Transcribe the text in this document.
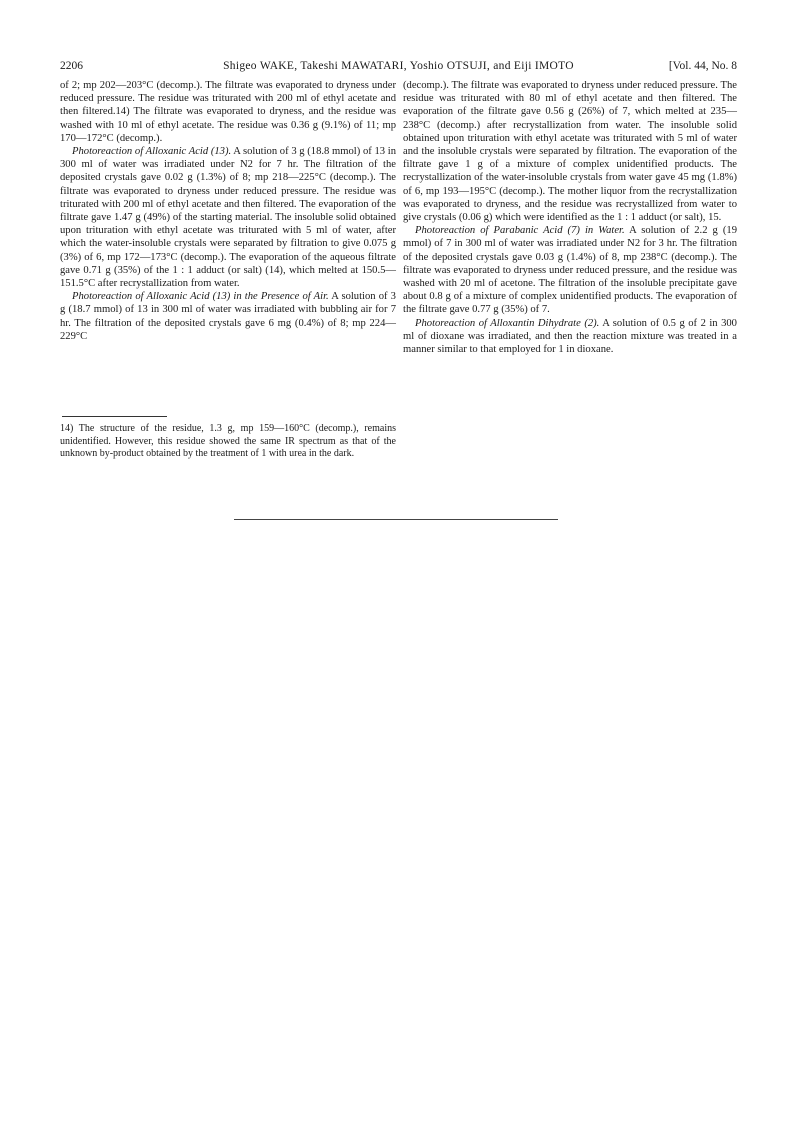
2206	Shigeo WAKE, Takeshi MAWATARI, Yoshio OTSUJI, and Eiji IMOTO	[Vol. 44, No. 8

of 2; mp 202—203°C (decomp.). The filtrate was evaporated to dryness under reduced pressure. The residue was triturated with 200 ml of ethyl acetate and then filtered.14) The filtrate was evaporated to dryness, and the residue was washed with 10 ml of ethyl acetate. The residue was 0.36 g (9.1%) of 11; mp 170—172°C (decomp.).

Photoreaction of Alloxanic Acid (13). A solution of 3 g (18.8 mmol) of 13 in 300 ml of water was irradiated under N2 for 7 hr. The filtration of the deposited crystals gave 0.02 g (1.3%) of 8; mp 218—225°C (decomp.). The filtrate was evaporated to dryness under reduced pressure. The residue was triturated with 200 ml of ethyl acetate and then filtered. The evaporation of the filtrate gave 1.47 g (49%) of the starting material. The insoluble solid obtained upon trituration with ethyl acetate was triturated with 5 ml of water, after which the water-insoluble crystals were separated by filtration to give 0.075 g (3%) of 6, mp 172—173°C (decomp.). The evaporation of the aqueous filtrate gave 0.71 g (35%) of the 1 : 1 adduct (or salt) (14), which melted at 150.5—151.5°C after recrystallization from water.

Photoreaction of Alloxanic Acid (13) in the Presence of Air. A solution of 3 g (18.7 mmol) of 13 in 300 ml of water was irradiated with bubbling air for 7 hr. The filtration of the deposited crystals gave 6 mg (0.4%) of 8; mp 224—229°C

14) The structure of the residue, 1.3 g, mp 159—160°C (decomp.), remains unidentified. However, this residue showed the same IR spectrum as that of the unknown by-product obtained by the treatment of 1 with urea in the dark.

(decomp.). The filtrate was evaporated to dryness under reduced pressure. The residue was triturated with 80 ml of ethyl acetate and then filtered. The evaporation of the filtrate gave 0.56 g (26%) of 7, which melted at 235—238°C (decomp.) after recrystallization from water. The insoluble solid obtained upon trituration with ethyl acetate was triturated with 5 ml of water and the insoluble crystals were separated by filtration. The evaporation of the filtrate gave 1 g of a mixture of complex unidentified products. The recrystallization of the water-insoluble crystals from water gave 45 mg (1.8%) of 6, mp 193—195°C (decomp.). The mother liquor from the recrystallization was evaporated to dryness, and the residue was recrystallized from water to give crystals (0.06 g) which were identified as the 1 : 1 adduct (or salt), 15.

Photoreaction of Parabanic Acid (7) in Water. A solution of 2.2 g (19 mmol) of 7 in 300 ml of water was irradiated under N2 for 3 hr. The filtration of the deposited crystals gave 0.03 g (1.4%) of 8, mp 238°C (decomp.). The filtrate was evaporated to dryness under reduced pressure, and the residue was washed with 20 ml of acetone. The filtration of the insoluble precipitate gave about 0.8 g of a mixture of complex unidentified products. The evaporation of the filtrate gave 0.77 g (35%) of 7.

Photoreaction of Alloxantin Dihydrate (2). A solution of 0.5 g of 2 in 300 ml of dioxane was irradiated, and then the reaction mixture was treated in a manner similar to that employed for 1 in dioxane.
